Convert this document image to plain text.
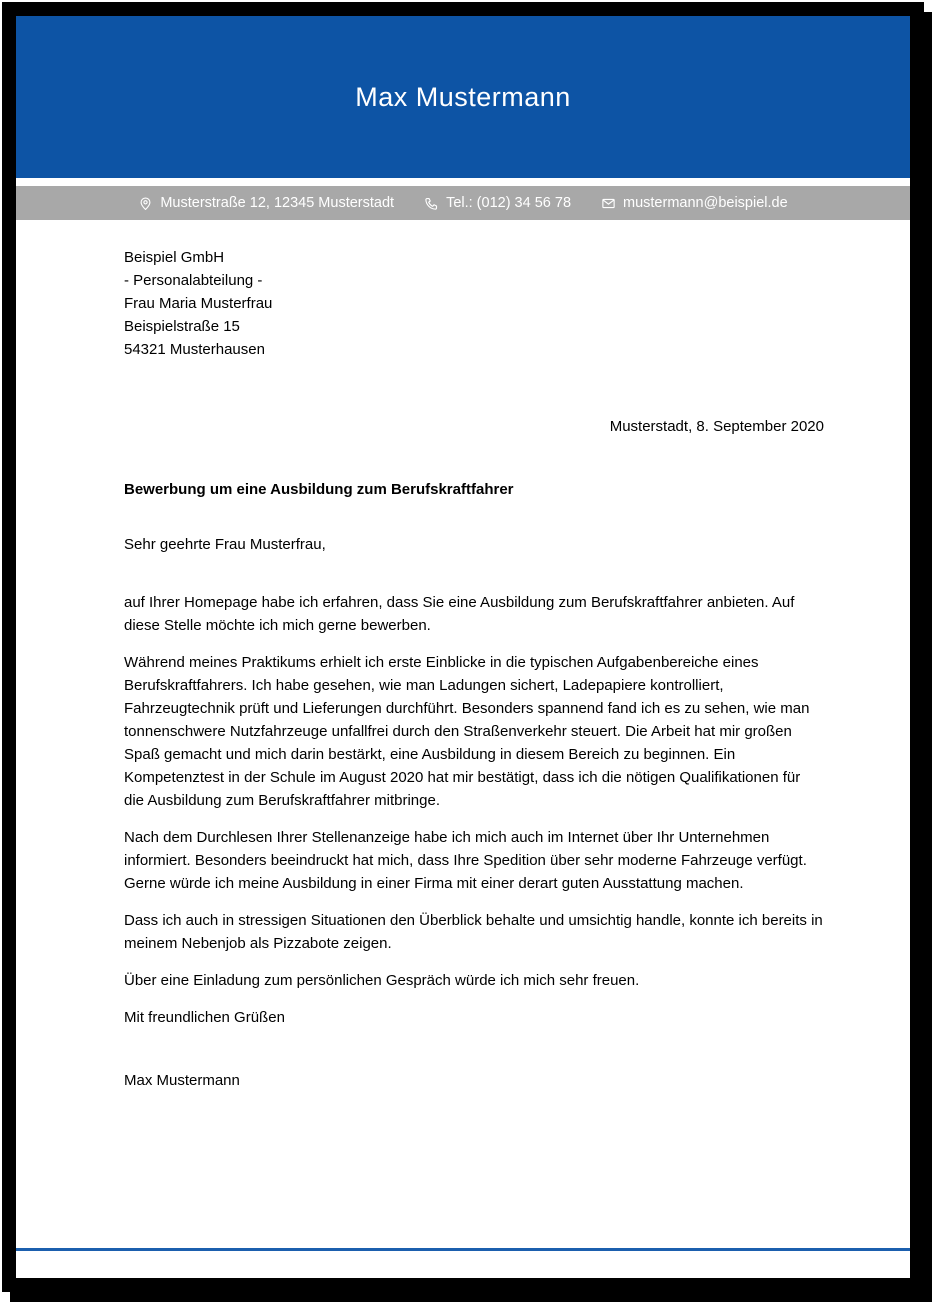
Max Mustermann
Musterstraße 12, 12345 Musterstadt	Tel.: (012) 34 56 78	mustermann@beispiel.de
Beispiel GmbH
- Personalabteilung -
Frau Maria Musterfrau
Beispielstraße 15
54321 Musterhausen
Musterstadt, 8. September 2020
Bewerbung um eine Ausbildung zum Berufskraftfahrer
Sehr geehrte Frau Musterfrau,

auf Ihrer Homepage habe ich erfahren, dass Sie eine Ausbildung zum Berufskraftfahrer anbieten. Auf diese Stelle möchte ich mich gerne bewerben.

Während meines Praktikums erhielt ich erste Einblicke in die typischen Aufgabenbereiche eines Berufskraftfahrers. Ich habe gesehen, wie man Ladungen sichert, Ladepapiere kontrolliert, Fahrzeugtechnik prüft und Lieferungen durchführt. Besonders spannend fand ich es zu sehen, wie man tonnenschwere Nutzfahrzeuge unfallfrei durch den Straßenverkehr steuert. Die Arbeit hat mir großen Spaß gemacht und mich darin bestärkt, eine Ausbildung in diesem Bereich zu beginnen. Ein Kompetenztest in der Schule im August 2020 hat mir bestätigt, dass ich die nötigen Qualifikationen für die Ausbildung zum Berufskraftfahrer mitbringe.

Nach dem Durchlesen Ihrer Stellenanzeige habe ich mich auch im Internet über Ihr Unternehmen informiert. Besonders beeindruckt hat mich, dass Ihre Spedition über sehr moderne Fahrzeuge verfügt. Gerne würde ich meine Ausbildung in einer Firma mit einer derart guten Ausstattung machen.

Dass ich auch in stressigen Situationen den Überblick behalte und umsichtig handle, konnte ich bereits in meinem Nebenjob als Pizzabote zeigen.

Über eine Einladung zum persönlichen Gespräch würde ich mich sehr freuen.

Mit freundlichen Grüßen

Max Mustermann
